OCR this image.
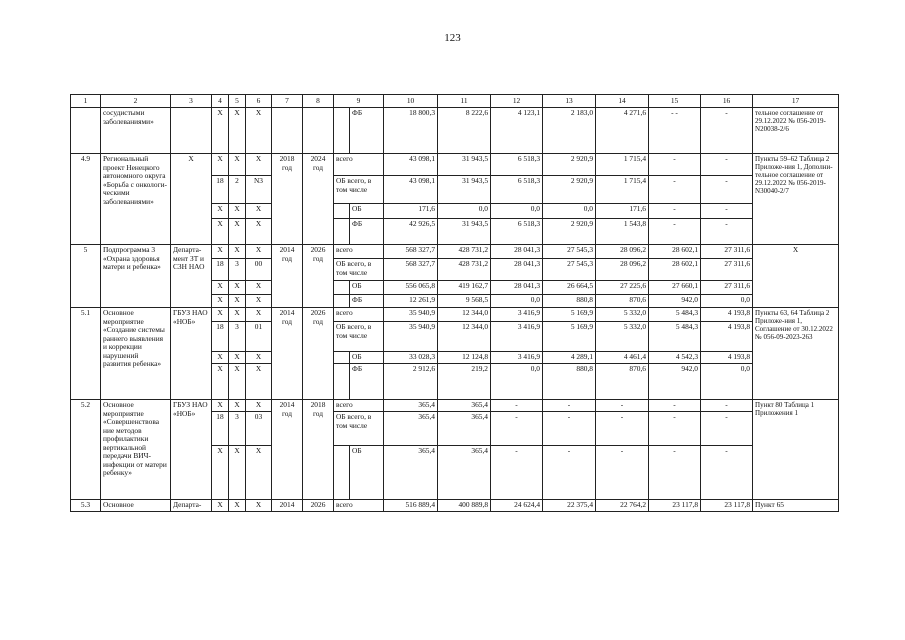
123
1	2	3	4	5	6	7	8	9		10	11	12	13	14	15	16	17
	сосудистыми заболеваниями»		X	X	X				ФБ	18 800,3	8 222,6	4 123,1	2 183,0	4 271,6	- -	-	тельное соглашение от 29.12.2022 № 056-2019-N20038-2/6
4.9	Региональный проект Ненецкого автономного округа «Борьба с онкологи-ческими заболеваниями»	X	X	X	X	2018 год	2024 год	всего		43 098,1	31 943,5	6 518,3	2 920,9	1 715,4	-	-	Пункты 59–62 Таблица 2 Приложе-ния 1, Дополни-тельное соглашение от 29.12.2022 № 056-2019-N30040-2/7
			18	2	N3			ОБ всего, в том числе		43 098,1	31 943,5	6 518,3	2 920,9	1 715,4	-	-	
			X	X	X				ОБ	171,6	0,0	0,0	0,0	171,6	-	-	
			X	X	X				ФБ	42 926,5	31 943,5	6 518,3	2 920,9	1 543,8	-	-	
5	Подпрограмма 3 «Охрана здоровья матери и ребенка»	Департа-мент ЗТ и СЗН НАО	X	X	X	2014 год	2026 год	всего		568 327,7	428 731,2	28 041,3	27 545,3	28 096,2	28 602,1	27 311,6	X
			18	3	00			ОБ всего, в том числе		568 327,7	428 731,2	28 041,3	27 545,3	28 096,2	28 602,1	27 311,6	
			X	X	X				ОБ	556 065,8	419 162,7	28 041,3	26 664,5	27 225,6	27 660,1	27 311,6	
			X	X	X				ФБ	12 261,9	9 568,5	0,0	880,8	870,6	942,0	0,0	
5.1	Основное мероприятие «Создание системы раннего выявления и коррекции нарушений развития ребенка»	ГБУЗ НАО «НОБ»	X	X	X	2014 год	2026 год	всего		35 940,9	12 344,0	3 416,9	5 169,9	5 332,0	5 484,3	4 193,8	Пункты 63, 64 Таблица 2 Приложе-ния 1, Соглашение от 30.12.2022 № 056-09-2023-263
			18	3	01			ОБ всего, в том числе		35 940,9	12 344,0	3 416,9	5 169,9	5 332,0	5 484,3	4 193,8	
			X	X	X				ОБ	33 028,3	12 124,8	3 416,9	4 289,1	4 461,4	4 542,3	4 193,8	
			X	X	X				ФБ	2 912,6	219,2	0,0	880,8	870,6	942,0	0,0	
5.2	Основное мероприятие «Совершенствова ние методов профилактики вертикальной передачи ВИЧ-инфекции от матери ребенку»	ГБУЗ НАО «НОБ»	X	X	X	2014 год	2018 год	всего		365,4	365,4	-	-	-	-	-	Пункт 80 Таблица 1 Приложения 1
			18	3	03			ОБ всего, в том числе		365,4	365,4	-	-	-	-	-	
			X	X	X				ОБ	365,4	365,4	-	-	-	-	-	
5.3	Основное	Департа-	X	X	X	2014	2026	всего		516 889,4	400 889,8	24 624,4	22 375,4	22 764,2	23 117,8	23 117,8	Пункт 65
